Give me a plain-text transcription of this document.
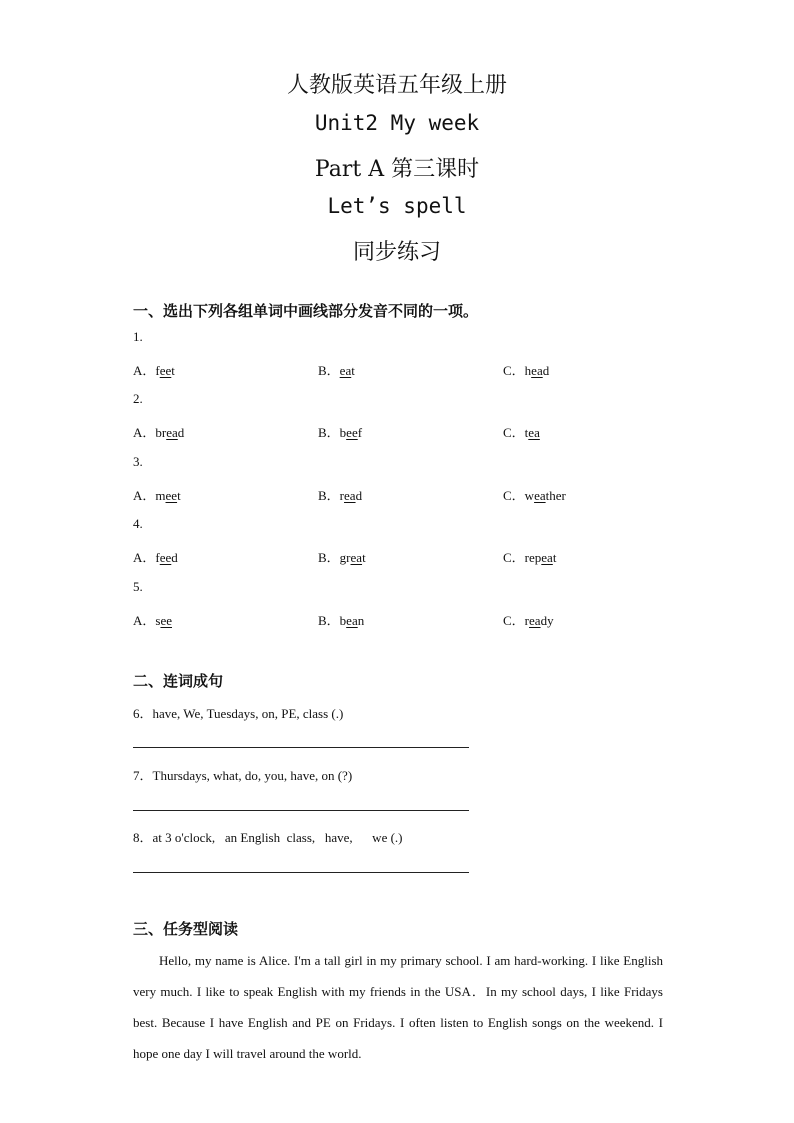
人教版英语五年级上册
Unit2 My week
Part A 第三课时
Let’s spell
同步练习
一、选出下列各组单词中画线部分发音不同的一项。
1.
A．feet	B．eat	C．head
2.
A．bread	B．beef	C．tea
3.
A．meet	B．read	C．weather
4.
A．feed	B．great	C．repeat
5.
A．see	B．bean	C．ready
二、连词成句
6．have, We, Tuesdays, on, PE, class (.)
7．Thursdays, what, do, you, have, on (?)
8．at 3 o'clock,   an English  class,   have,      we (.)
三、任务型阅读

Hello, my name is Alice. I'm a tall girl in my primary school. I am hard-working. I like English very much. I like to speak English with my friends in the USA．In my school days, I like Fridays best. Because I have English and PE on Fridays. I often listen to English songs on the weekend. I hope one day I will travel around the world.
